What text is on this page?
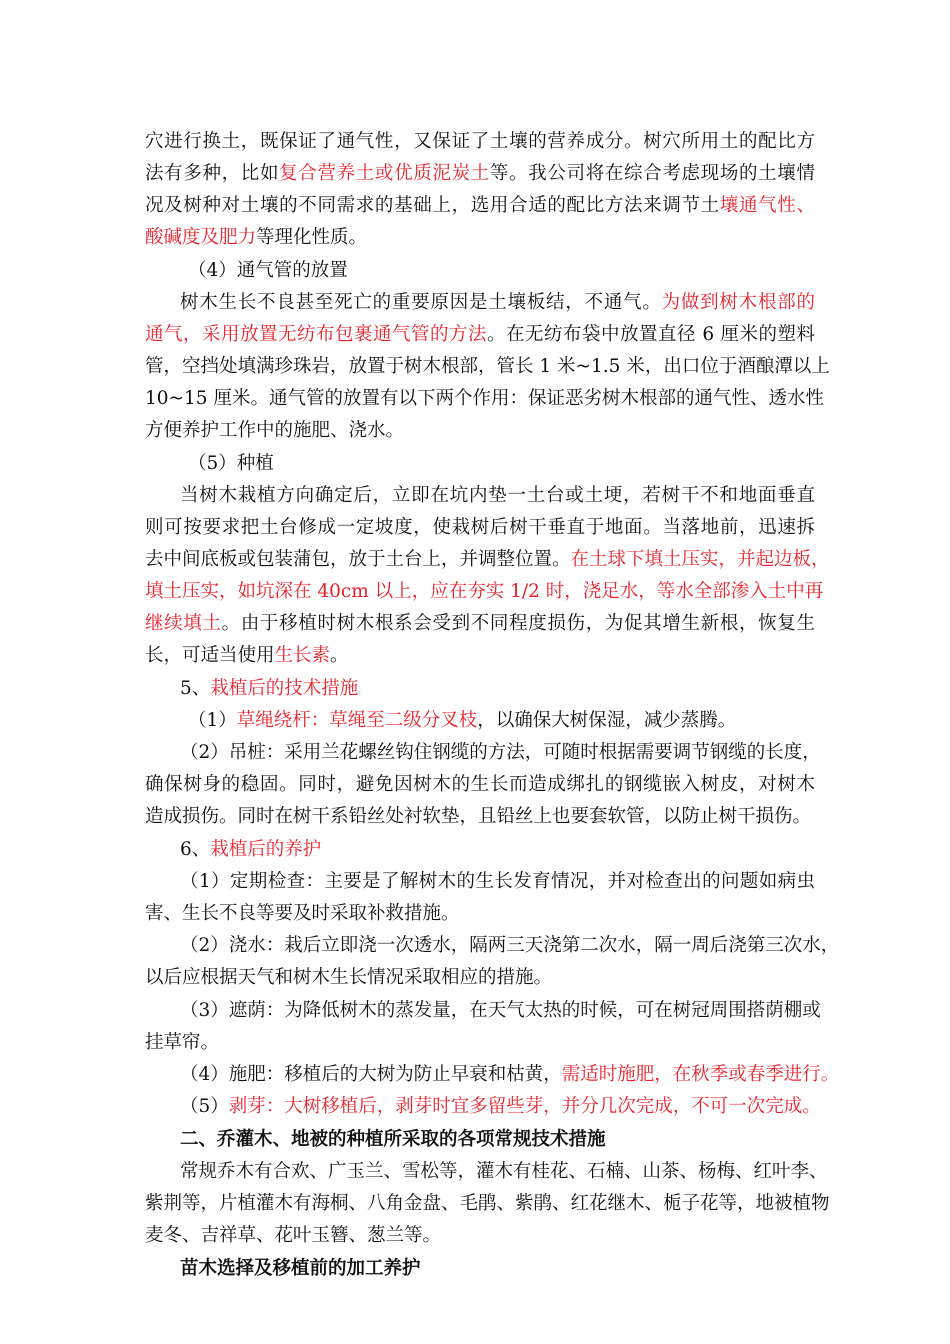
穴进行换土，既保证了通气性，又保证了土壤的营养成分。树穴所用土的配比方
法有多种，比如复合营养土或优质泥炭土等。我公司将在综合考虑现场的土壤情
况及树种对土壤的不同需求的基础上，选用合适的配比方法来调节土壤通气性、
酸碱度及肥力等理化性质。
（4）通气管的放置
树木生长不良甚至死亡的重要原因是土壤板结，不通气。为做到树木根部的
通气，采用放置无纺布包裹通气管的方法。在无纺布袋中放置直径 6 厘米的塑料
管，空挡处填满珍珠岩，放置于树木根部，管长 1 米~1.5 米，出口位于酒酿潭以上
10~15 厘米。通气管的放置有以下两个作用：保证恶劣树木根部的通气性、透水性
方便养护工作中的施肥、浇水。
（5）种植
当树木栽植方向确定后，立即在坑内垫一土台或土埂，若树干不和地面垂直
则可按要求把土台修成一定坡度，使栽树后树干垂直于地面。当落地前，迅速拆
去中间底板或包装蒲包，放于土台上，并调整位置。在土球下填土压实，并起边板，
填土压实，如坑深在 40cm 以上，应在夯实 1/2 时，浇足水，等水全部渗入土中再
继续填土。由于移植时树木根系会受到不同程度损伤，为促其增生新根，恢复生
长，可适当使用生长素。
5、栽植后的技术措施
（1）草绳绕杆：草绳至二级分叉枝，以确保大树保湿，减少蒸腾。
（2）吊桩：采用兰花螺丝钩住钢缆的方法，可随时根据需要调节钢缆的长度，
确保树身的稳固。同时，避免因树木的生长而造成绑扎的钢缆嵌入树皮，对树木
造成损伤。同时在树干系铅丝处衬软垫，且铅丝上也要套软管，以防止树干损伤。
6、栽植后的养护
（1）定期检查：主要是了解树木的生长发育情况，并对检查出的问题如病虫
害、生长不良等要及时采取补救措施。
（2）浇水：栽后立即浇一次透水，隔两三天浇第二次水，隔一周后浇第三次水，
以后应根据天气和树木生长情况采取相应的措施。
（3）遮荫：为降低树木的蒸发量，在天气太热的时候，可在树冠周围搭荫棚或
挂草帘。
（4）施肥：移植后的大树为防止早衰和枯黄，需适时施肥，在秋季或春季进行。
（5）剥芽：大树移植后，剥芽时宜多留些芽，并分几次完成，不可一次完成。
二、乔灌木、地被的种植所采取的各项常规技术措施
常规乔木有合欢、广玉兰、雪松等，灌木有桂花、石楠、山茶、杨梅、红叶李、
紫荆等，片植灌木有海桐、八角金盘、毛鹃、紫鹃、红花继木、栀子花等，地被植物
麦冬、吉祥草、花叶玉簪、葱兰等。
苗木选择及移植前的加工养护
